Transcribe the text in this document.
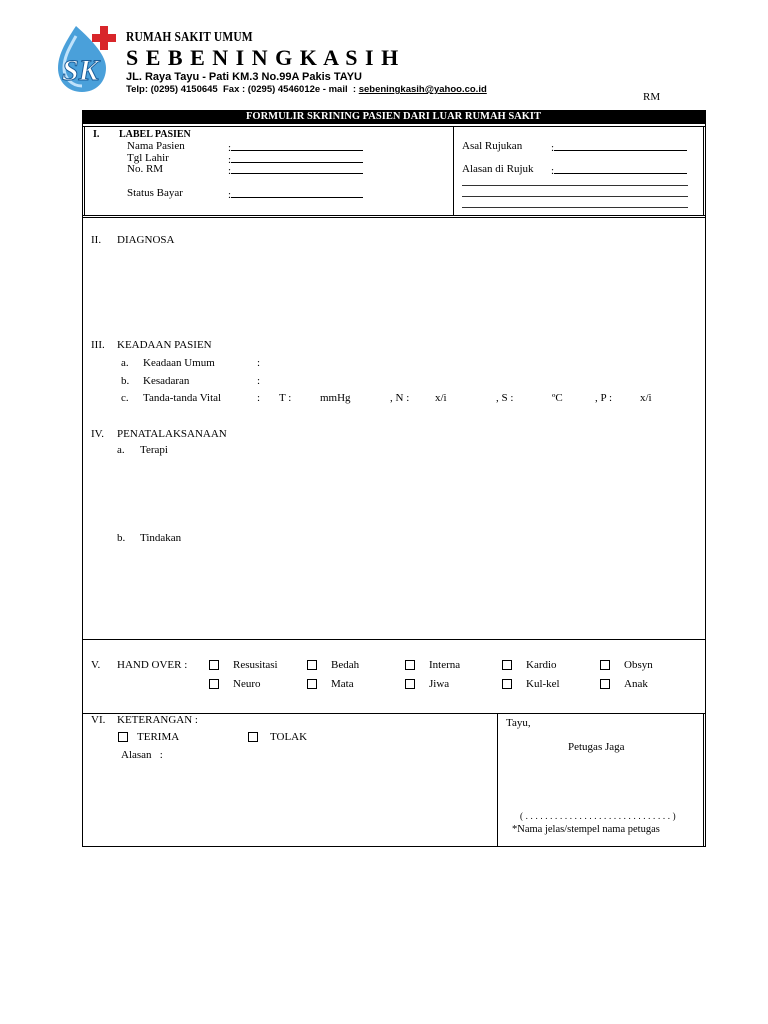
SK
RUMAH SAKIT UMUM
S E B E N I N G K A S I H
JL. Raya Tayu - Pati KM.3 No.99A Pakis TAYU
Telp: (0295) 4150645  Fax : (0295) 4546012e - mail  : sebeningkasih@yahoo.co.id
RM
FORMULIR SKRINING PASIEN DARI LUAR RUMAH SAKIT
I. LABEL PASIEN
Nama Pasien	:
Tgl Lahir	:
No. RM	:
Status Bayar	:
Asal Rujukan	:
Alasan di Rujuk :
II. DIAGNOSA
III. KEADAAN PASIEN
a. Keadaan Umum	:
b. Kesadaran	:
c. Tanda-tanda Vital	: T :	mmHg	, N : x/i	, S :	ºC	, P :	x/i
IV. PENATALAKSANAAN
a. Terapi
b. Tindakan
V. HAND OVER :	Resusitasi	Bedah	Interna	Kardio	Obsyn
Neuro	Mata	Jiwa	Kul-kel	Anak
VI. KETERANGAN :
TERIMA	TOLAK
Alasan   :
Tayu,
Petugas Jaga
( . . . . . . . . . . . . . . . . . . . . . . . . . . . . . . )
*Nama jelas/stempel nama petugas
